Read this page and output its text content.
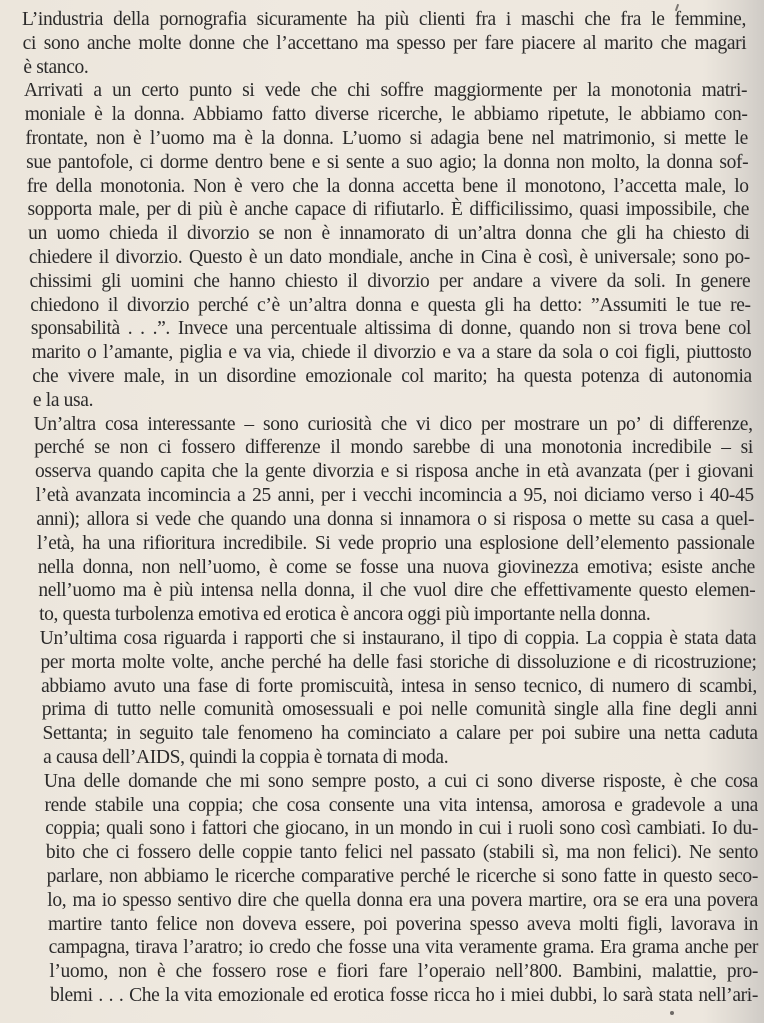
L’industria della pornografia sicuramente ha più clienti fra i maschi che fra le femmine,
ci sono anche molte donne che l’accettano ma spesso per fare piacere al marito che magari
è stanco.
Arrivati a un certo punto si vede che chi soffre maggiormente per la monotonia matri-
moniale è la donna. Abbiamo fatto diverse ricerche, le abbiamo ripetute, le abbiamo con-
frontate, non è l’uomo ma è la donna. L’uomo si adagia bene nel matrimonio, si mette le
sue pantofole, ci dorme dentro bene e si sente a suo agio; la donna non molto, la donna sof-
fre della monotonia. Non è vero che la donna accetta bene il monotono, l’accetta male, lo
sopporta male, per di più è anche capace di rifiutarlo. È difficilissimo, quasi impossibile, che
un uomo chieda il divorzio se non è innamorato di un’altra donna che gli ha chiesto di
chiedere il divorzio. Questo è un dato mondiale, anche in Cina è così, è universale; sono po-
chissimi gli uomini che hanno chiesto il divorzio per andare a vivere da soli. In genere
chiedono il divorzio perché c’è un’altra donna e questa gli ha detto: ”Assumiti le tue re-
sponsabilità . . .”. Invece una percentuale altissima di donne, quando non si trova bene col
marito o l’amante, piglia e va via, chiede il divorzio e va a stare da sola o coi figli, piuttosto
che vivere male, in un disordine emozionale col marito; ha questa potenza di autonomia
e la usa.
Un’altra cosa interessante – sono curiosità che vi dico per mostrare un po’ di differenze,
perché se non ci fossero differenze il mondo sarebbe di una monotonia incredibile – si
osserva quando capita che la gente divorzia e si risposa anche in età avanzata (per i giovani
l’età avanzata incomincia a 25 anni, per i vecchi incomincia a 95, noi diciamo verso i 40-45
anni); allora si vede che quando una donna si innamora o si risposa o mette su casa a quel-
l’età, ha una rifioritura incredibile. Si vede proprio una esplosione dell’elemento passionale
nella donna, non nell’uomo, è come se fosse una nuova giovinezza emotiva; esiste anche
nell’uomo ma è più intensa nella donna, il che vuol dire che effettivamente questo elemen-
to, questa turbolenza emotiva ed erotica è ancora oggi più importante nella donna.
Un’ultima cosa riguarda i rapporti che si instaurano, il tipo di coppia. La coppia è stata data
per morta molte volte, anche perché ha delle fasi storiche di dissoluzione e di ricostruzione;
abbiamo avuto una fase di forte promiscuità, intesa in senso tecnico, di numero di scambi,
prima di tutto nelle comunità omosessuali e poi nelle comunità single alla fine degli anni
Settanta; in seguito tale fenomeno ha cominciato a calare per poi subire una netta caduta
a causa dell’AIDS, quindi la coppia è tornata di moda.
Una delle domande che mi sono sempre posto, a cui ci sono diverse risposte, è che cosa
rende stabile una coppia; che cosa consente una vita intensa, amorosa e gradevole a una
coppia; quali sono i fattori che giocano, in un mondo in cui i ruoli sono così cambiati. Io du-
bito che ci fossero delle coppie tanto felici nel passato (stabili sì, ma non felici). Ne sento
parlare, non abbiamo le ricerche comparative perché le ricerche si sono fatte in questo seco-
lo, ma io spesso sentivo dire che quella donna era una povera martire, ora se era una povera
martire tanto felice non doveva essere, poi poverina spesso aveva molti figli, lavorava in
campagna, tirava l’aratro; io credo che fosse una vita veramente grama. Era grama anche per
l’uomo, non è che fossero rose e fiori fare l’operaio nell’800. Bambini, malattie, pro-
blemi . . . Che la vita emozionale ed erotica fosse ricca ho i miei dubbi, lo sarà stata nell’ari-
